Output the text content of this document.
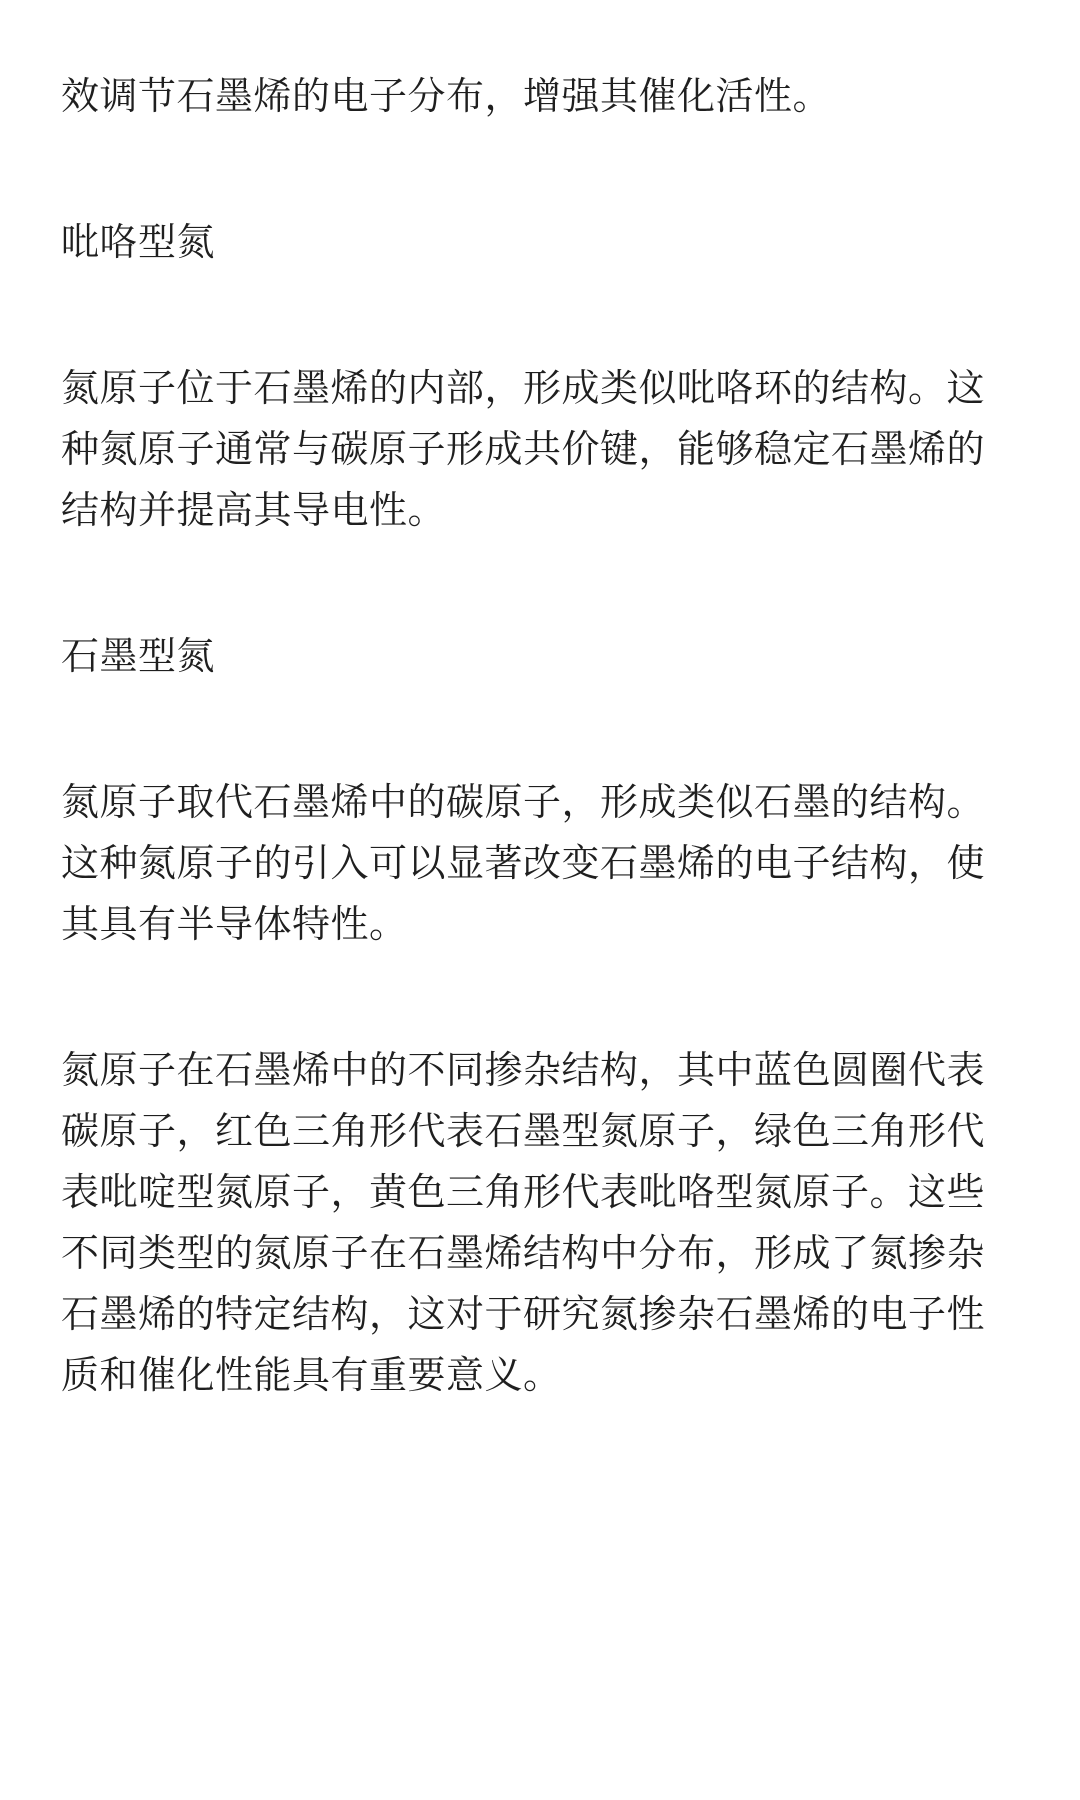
效调节石墨烯的电子分布，增强其催化活性。

吡咯型氮

氮原子位于石墨烯的内部，形成类似吡咯环的结构。这种氮原子通常与碳原子形成共价键，能够稳定石墨烯的结构并提高其导电性。

石墨型氮

氮原子取代石墨烯中的碳原子，形成类似石墨的结构。这种氮原子的引入可以显著改变石墨烯的电子结构，使其具有半导体特性。

氮原子在石墨烯中的不同掺杂结构，其中蓝色圆圈代表碳原子，红色三角形代表石墨型氮原子，绿色三角形代表吡啶型氮原子，黄色三角形代表吡咯型氮原子。这些不同类型的氮原子在石墨烯结构中分布，形成了氮掺杂石墨烯的特定结构，这对于研究氮掺杂石墨烯的电子性质和催化性能具有重要意义。
